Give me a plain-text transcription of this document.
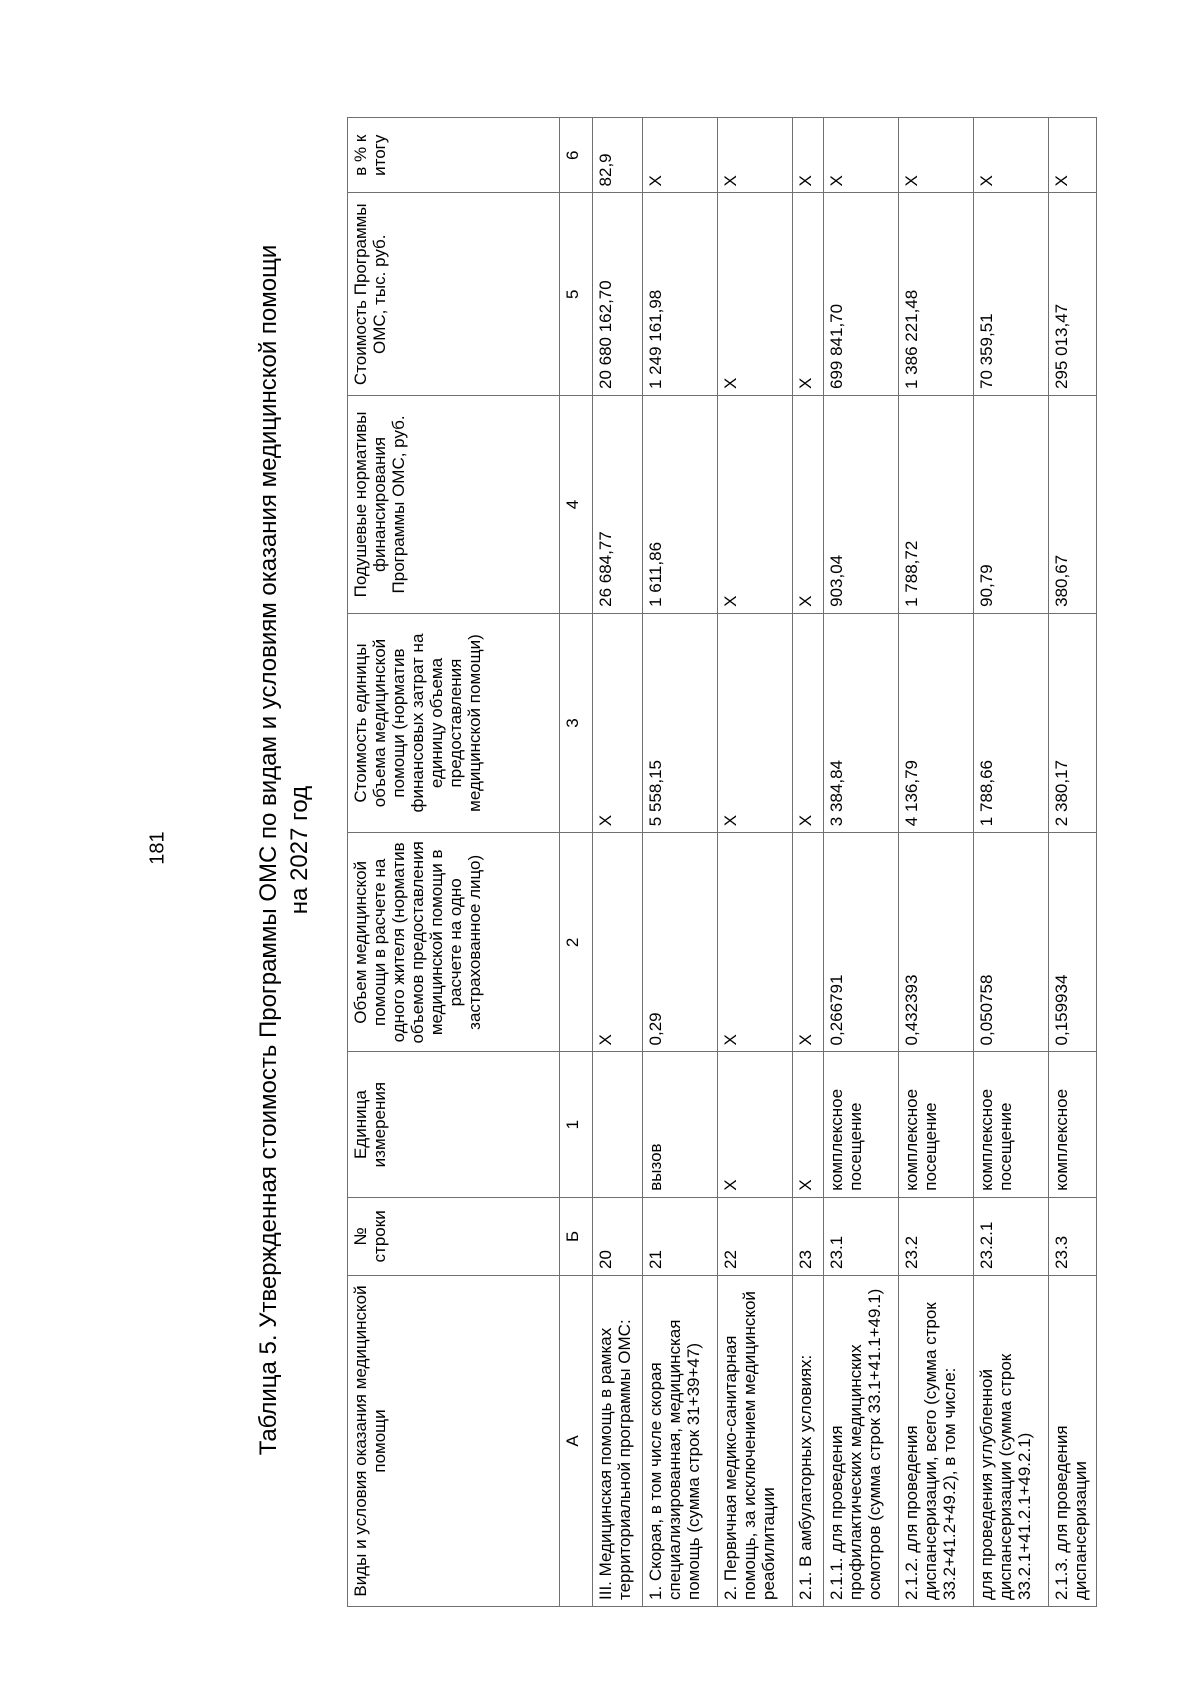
181	Таблица 5. Утвержденная стоимость Программы ОМС по видам и условиям оказания медицинской помощи на 2027 год
Виды и условия оказания медицинской помощи	№ строки	Единица измерения	Объем медицинской помощи в расчете на одного жителя (норматив объемов предоставления медицинской помощи в расчете на одно застрахованное лицо)	Стоимость единицы объема медицинской помощи (норматив финансовых затрат на единицу объема предоставления медицинской помощи)	Подушевые нормативы финансирования Программы ОМС, руб.	Стоимость Программы ОМС, тыс. руб.	в % к итогу
А	Б	1	2	3	4	5	6
III. Медицинская помощь в рамках территориальной программы ОМС:	20		Х	Х	26 684,77	20 680 162,70	82,9
1. Скорая, в том числе скорая специализированная, медицинская помощь (сумма строк 31+39+47)	21	вызов	0,29	5 558,15	1 611,86	1 249 161,98	Х
2. Первичная медико-санитарная помощь, за исключением медицинской реабилитации	22	Х	Х	Х	Х	Х	Х
2.1. В амбулаторных условиях:	23	Х	Х	Х	Х	Х	Х
2.1.1. для проведения профилактических медицинских осмотров (сумма строк 33.1+41.1+49.1)	23.1	комплексное посещение	0,266791	3 384,84	903,04	699 841,70	Х
2.1.2. для проведения диспансеризации, всего (сумма строк 33.2+41.2+49.2), в том числе:	23.2	комплексное посещение	0,432393	4 136,79	1 788,72	1 386 221,48	Х
для проведения углубленной диспансеризации (сумма строк 33.2.1+41.2.1+49.2.1)	23.2.1	комплексное посещение	0,050758	1 788,66	90,79	70 359,51	Х
2.1.3. для проведения диспансеризации	23.3	комплексное	0,159934	2 380,17	380,67	295 013,47	Х
